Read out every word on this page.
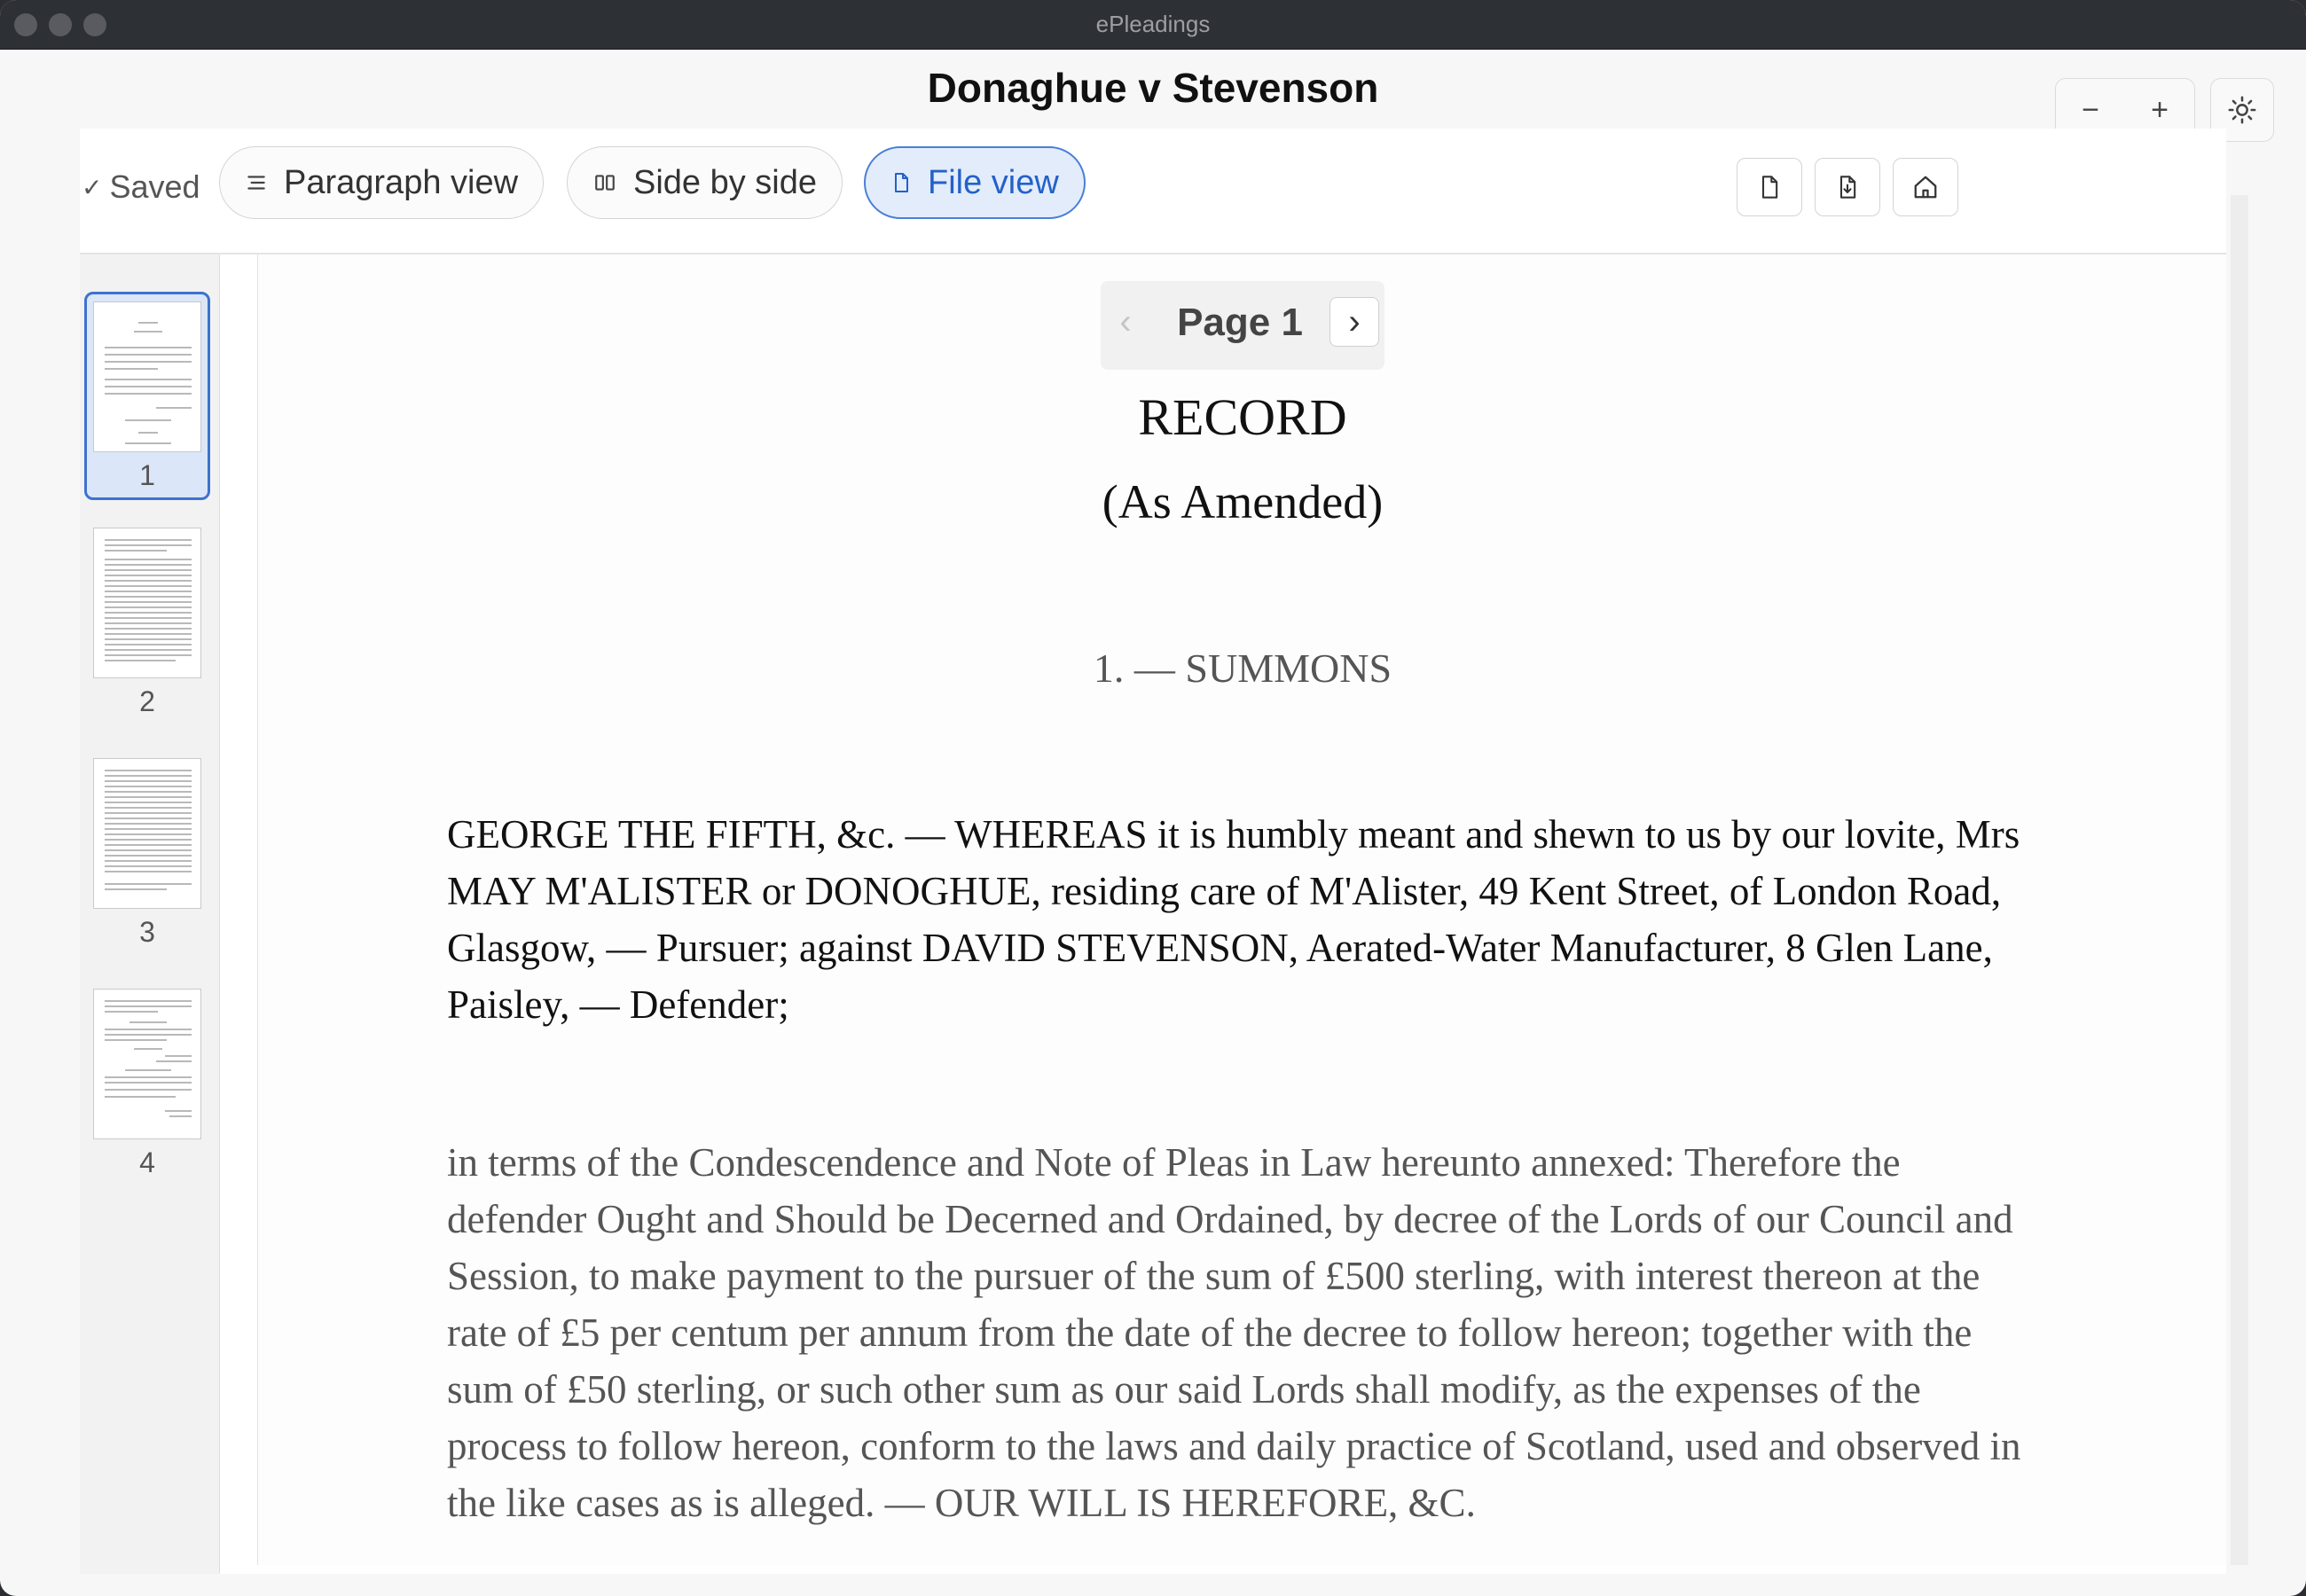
ePleadings
Donaghue v Stevenson	−	+
✓ Saved Paragraph view	Side by side	File view
1
2
3
4
‹	Page 1	›
RECORD
(As Amended)
1. — SUMMONS
GEORGE THE FIFTH, &c. — WHEREAS it is humbly meant and shewn to us by our lovite, Mrs MAY M'ALISTER or DONOGHUE, residing care of M'Alister, 49 Kent Street, of London Road, Glasgow, — Pursuer; against DAVID STEVENSON, Aerated-Water Manufacturer, 8 Glen Lane, Paisley, — Defender;
in terms of the Condescendence and Note of Pleas in Law hereunto annexed: Therefore the defender Ought and Should be Decerned and Ordained, by decree of the Lords of our Council and Session, to make payment to the pursuer of the sum of £500 sterling, with interest thereon at the rate of £5 per centum per annum from the date of the decree to follow hereon; together with the sum of £50 sterling, or such other sum as our said Lords shall modify, as the expenses of the process to follow hereon, conform to the laws and daily practice of Scotland, used and observed in the like cases as is alleged. — OUR WILL IS HEREFORE, &C.
